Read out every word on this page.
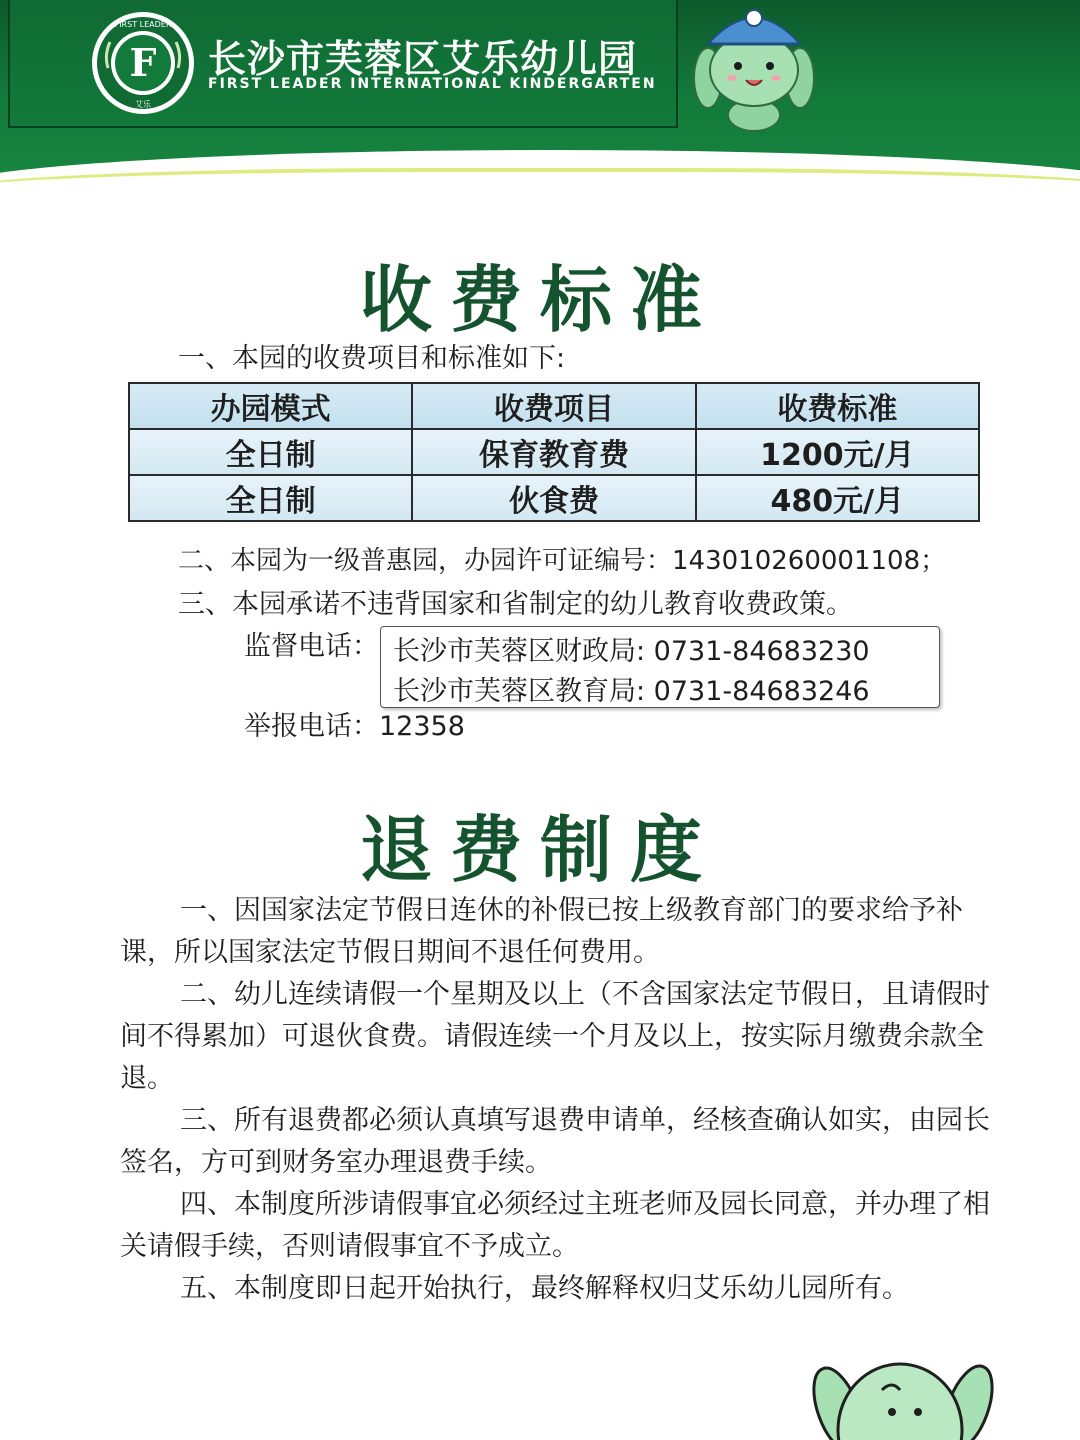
F
FIRST LEADER
艾乐
长沙市芙蓉区艾乐幼儿园
FIRST LEADER INTERNATIONAL KINDERGARTEN
收费标准
一、本园的收费项目和标准如下:
办园模式	收费项目	收费标准
全日制	保育教育费	1200元/月
全日制	伙食费	480元/月
二、本园为一级普惠园，办园许可证编号：143010260001108；
三、本园承诺不违背国家和省制定的幼儿教育收费政策。
监督电话： 长沙市芙蓉区财政局: 0731-84683230
长沙市芙蓉区教育局: 0731-84683246
举报电话：12358
退费制度
一、因国家法定节假日连休的补假已按上级教育部门的要求给予补课，所以国家法定节假日期间不退任何费用。
二、幼儿连续请假一个星期及以上（不含国家法定节假日，且请假时间不得累加）可退伙食费。请假连续一个月及以上，按实际月缴费余款全退。
三、所有退费都必须认真填写退费申请单，经核查确认如实，由园长签名，方可到财务室办理退费手续。
四、本制度所涉请假事宜必须经过主班老师及园长同意，并办理了相关请假手续，否则请假事宜不予成立。
五、本制度即日起开始执行，最终解释权归艾乐幼儿园所有。
